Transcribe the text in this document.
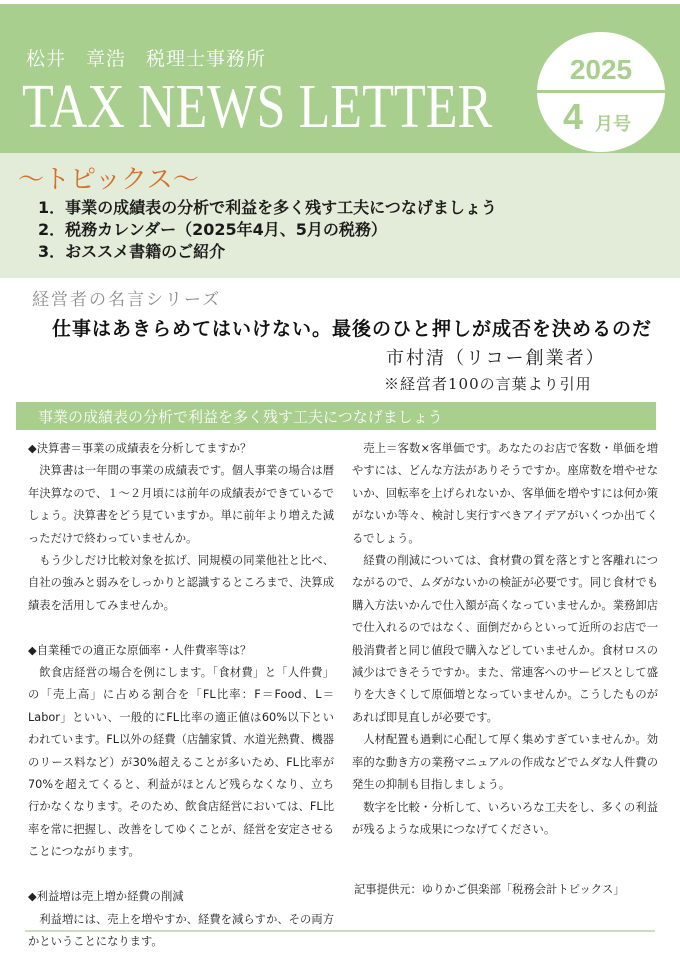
松井　章浩　税理士事務所
TAX NEWS LETTER
2025
4 月号
～トピックス～
1．事業の成績表の分析で利益を多く残す工夫につなげましょう
2．税務カレンダー（2025年4月、5月の税務）
3．おススメ書籍のご紹介
経営者の名言シリーズ
仕事はあきらめてはいけない。最後のひと押しが成否を決めるのだ
市村清（リコー創業者）
※経営者100の言葉より引用
事業の成績表の分析で利益を多く残す工夫につなげましょう
◆決算書＝事業の成績表を分析してますか？

決算書は一年間の事業の成績表です。個人事業の場合は暦年決算なので、１～２月頃には前年の成績表ができているでしょう。決算書をどう見ていますか。単に前年より増えた減っただけで終わっていませんか。

もう少しだけ比較対象を拡げ、同規模の同業他社と比べ、自社の強みと弱みをしっかりと認識するところまで、決算成績表を活用してみませんか。

◆自業種での適正な原価率・人件費率等は？

飲食店経営の場合を例にします。「食材費」と「人件費」の「売上高」に占める割合を「FL比率：F＝Food、L＝Labor」といい、一般的にFL比率の適正値は60%以下といわれています。FL以外の経費（店舗家賃、水道光熱費、機器のリース料など）が30%超えることが多いため、FL比率が70%を超えてくると、利益がほとんど残らなくなり、立ち行かなくなります。そのため、飲食店経営においては、FL比率を常に把握し、改善をしてゆくことが、経営を安定させることにつながります。

◆利益増は売上増か経費の削減

利益増には、売上を増やすか、経費を減らすか、その両方かということになります。

売上＝客数×客単価です。あなたのお店で客数・単価を増やすには、どんな方法がありそうですか。座席数を増やせないか、回転率を上げられないか、客単価を増やすには何か策がないか等々、検討し実行すべきアイデアがいくつか出てくるでしょう。

経費の削減については、食材費の質を落とすと客離れにつながるので、ムダがないかの検証が必要です。同じ食材でも購入方法いかんで仕入額が高くなっていませんか。業務卸店で仕入れるのではなく、面倒だからといって近所のお店で一般消費者と同じ値段で購入などしていませんか。食材ロスの減少はできそうですか。また、常連客へのサービスとして盛りを大きくして原価増となっていませんか。こうしたものがあれば即見直しが必要です。

人材配置も過剰に心配して厚く集めすぎていませんか。効率的な動き方の業務マニュアルの作成などでムダな人件費の発生の抑制も目指しましょう。

数字を比較・分析して、いろいろな工夫をし、多くの利益が残るような成果につなげてください。

記事提供元：ゆりかご倶楽部「税務会計トピックス」
